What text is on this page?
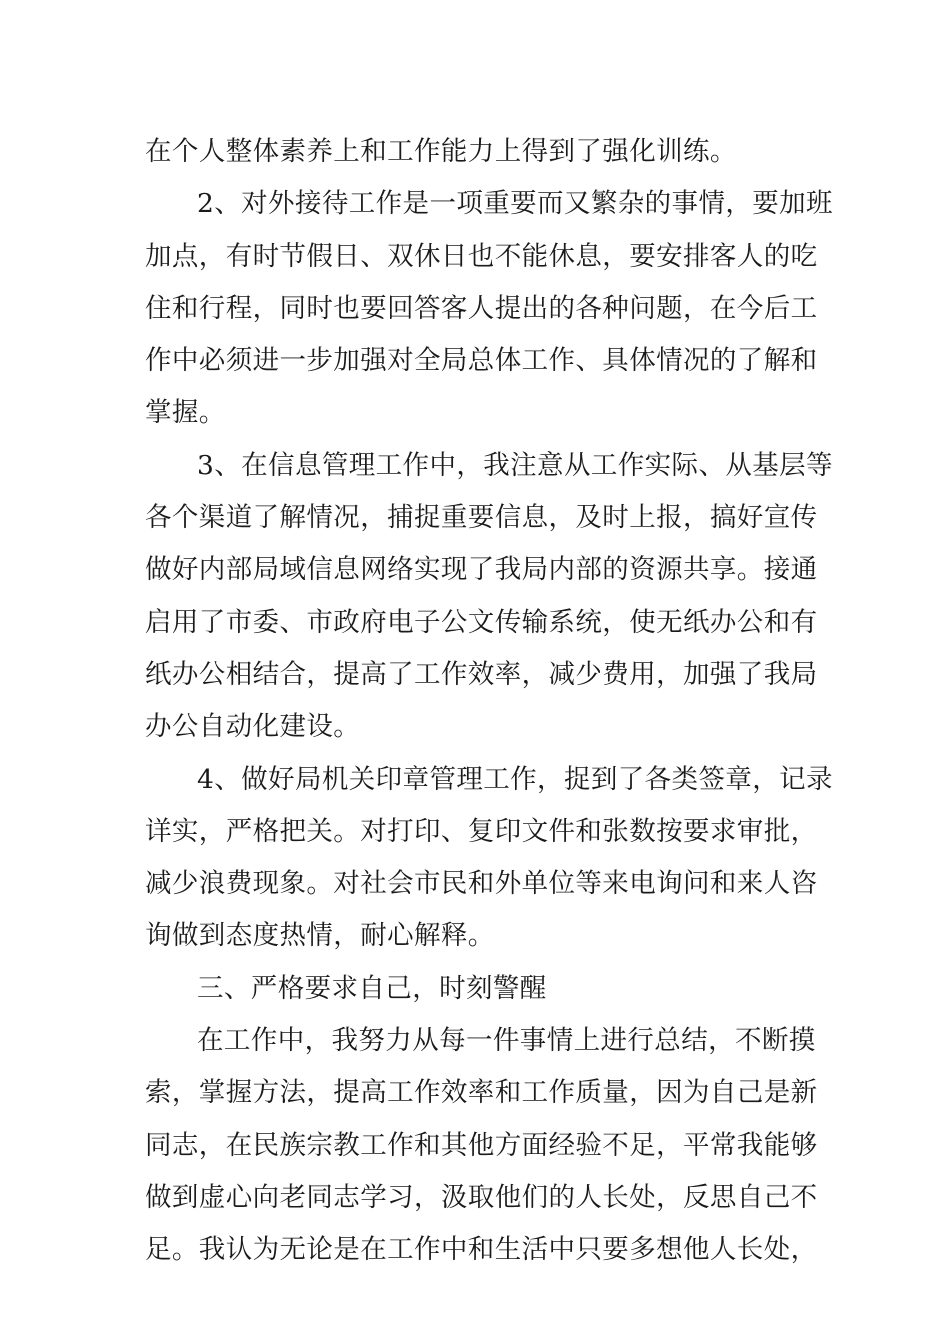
在个人整体素养上和工作能力上得到了强化训练。

2、对外接待工作是一项重要而又繁杂的事情，要加班
加点，有时节假日、双休日也不能休息，要安排客人的吃
住和行程，同时也要回答客人提出的各种问题，在今后工
作中必须进一步加强对全局总体工作、具体情况的了解和
掌握。

3、在信息管理工作中，我注意从工作实际、从基层等
各个渠道了解情况，捕捉重要信息，及时上报，搞好宣传
做好内部局域信息网络实现了我局内部的资源共享。接通
启用了市委、市政府电子公文传输系统，使无纸办公和有
纸办公相结合，提高了工作效率，减少费用，加强了我局
办公自动化建设。

4、做好局机关印章管理工作，捉到了各类签章，记录
详实，严格把关。对打印、复印文件和张数按要求审批，
减少浪费现象。对社会市民和外单位等来电询问和来人咨
询做到态度热情，耐心解释。

三、严格要求自己，时刻警醒

在工作中，我努力从每一件事情上进行总结，不断摸
索，掌握方法，提高工作效率和工作质量，因为自己是新
同志，在民族宗教工作和其他方面经验不足，平常我能够
做到虚心向老同志学习，汲取他们的人长处，反思自己不
足。我认为无论是在工作中和生活中只要多想他人长处，
